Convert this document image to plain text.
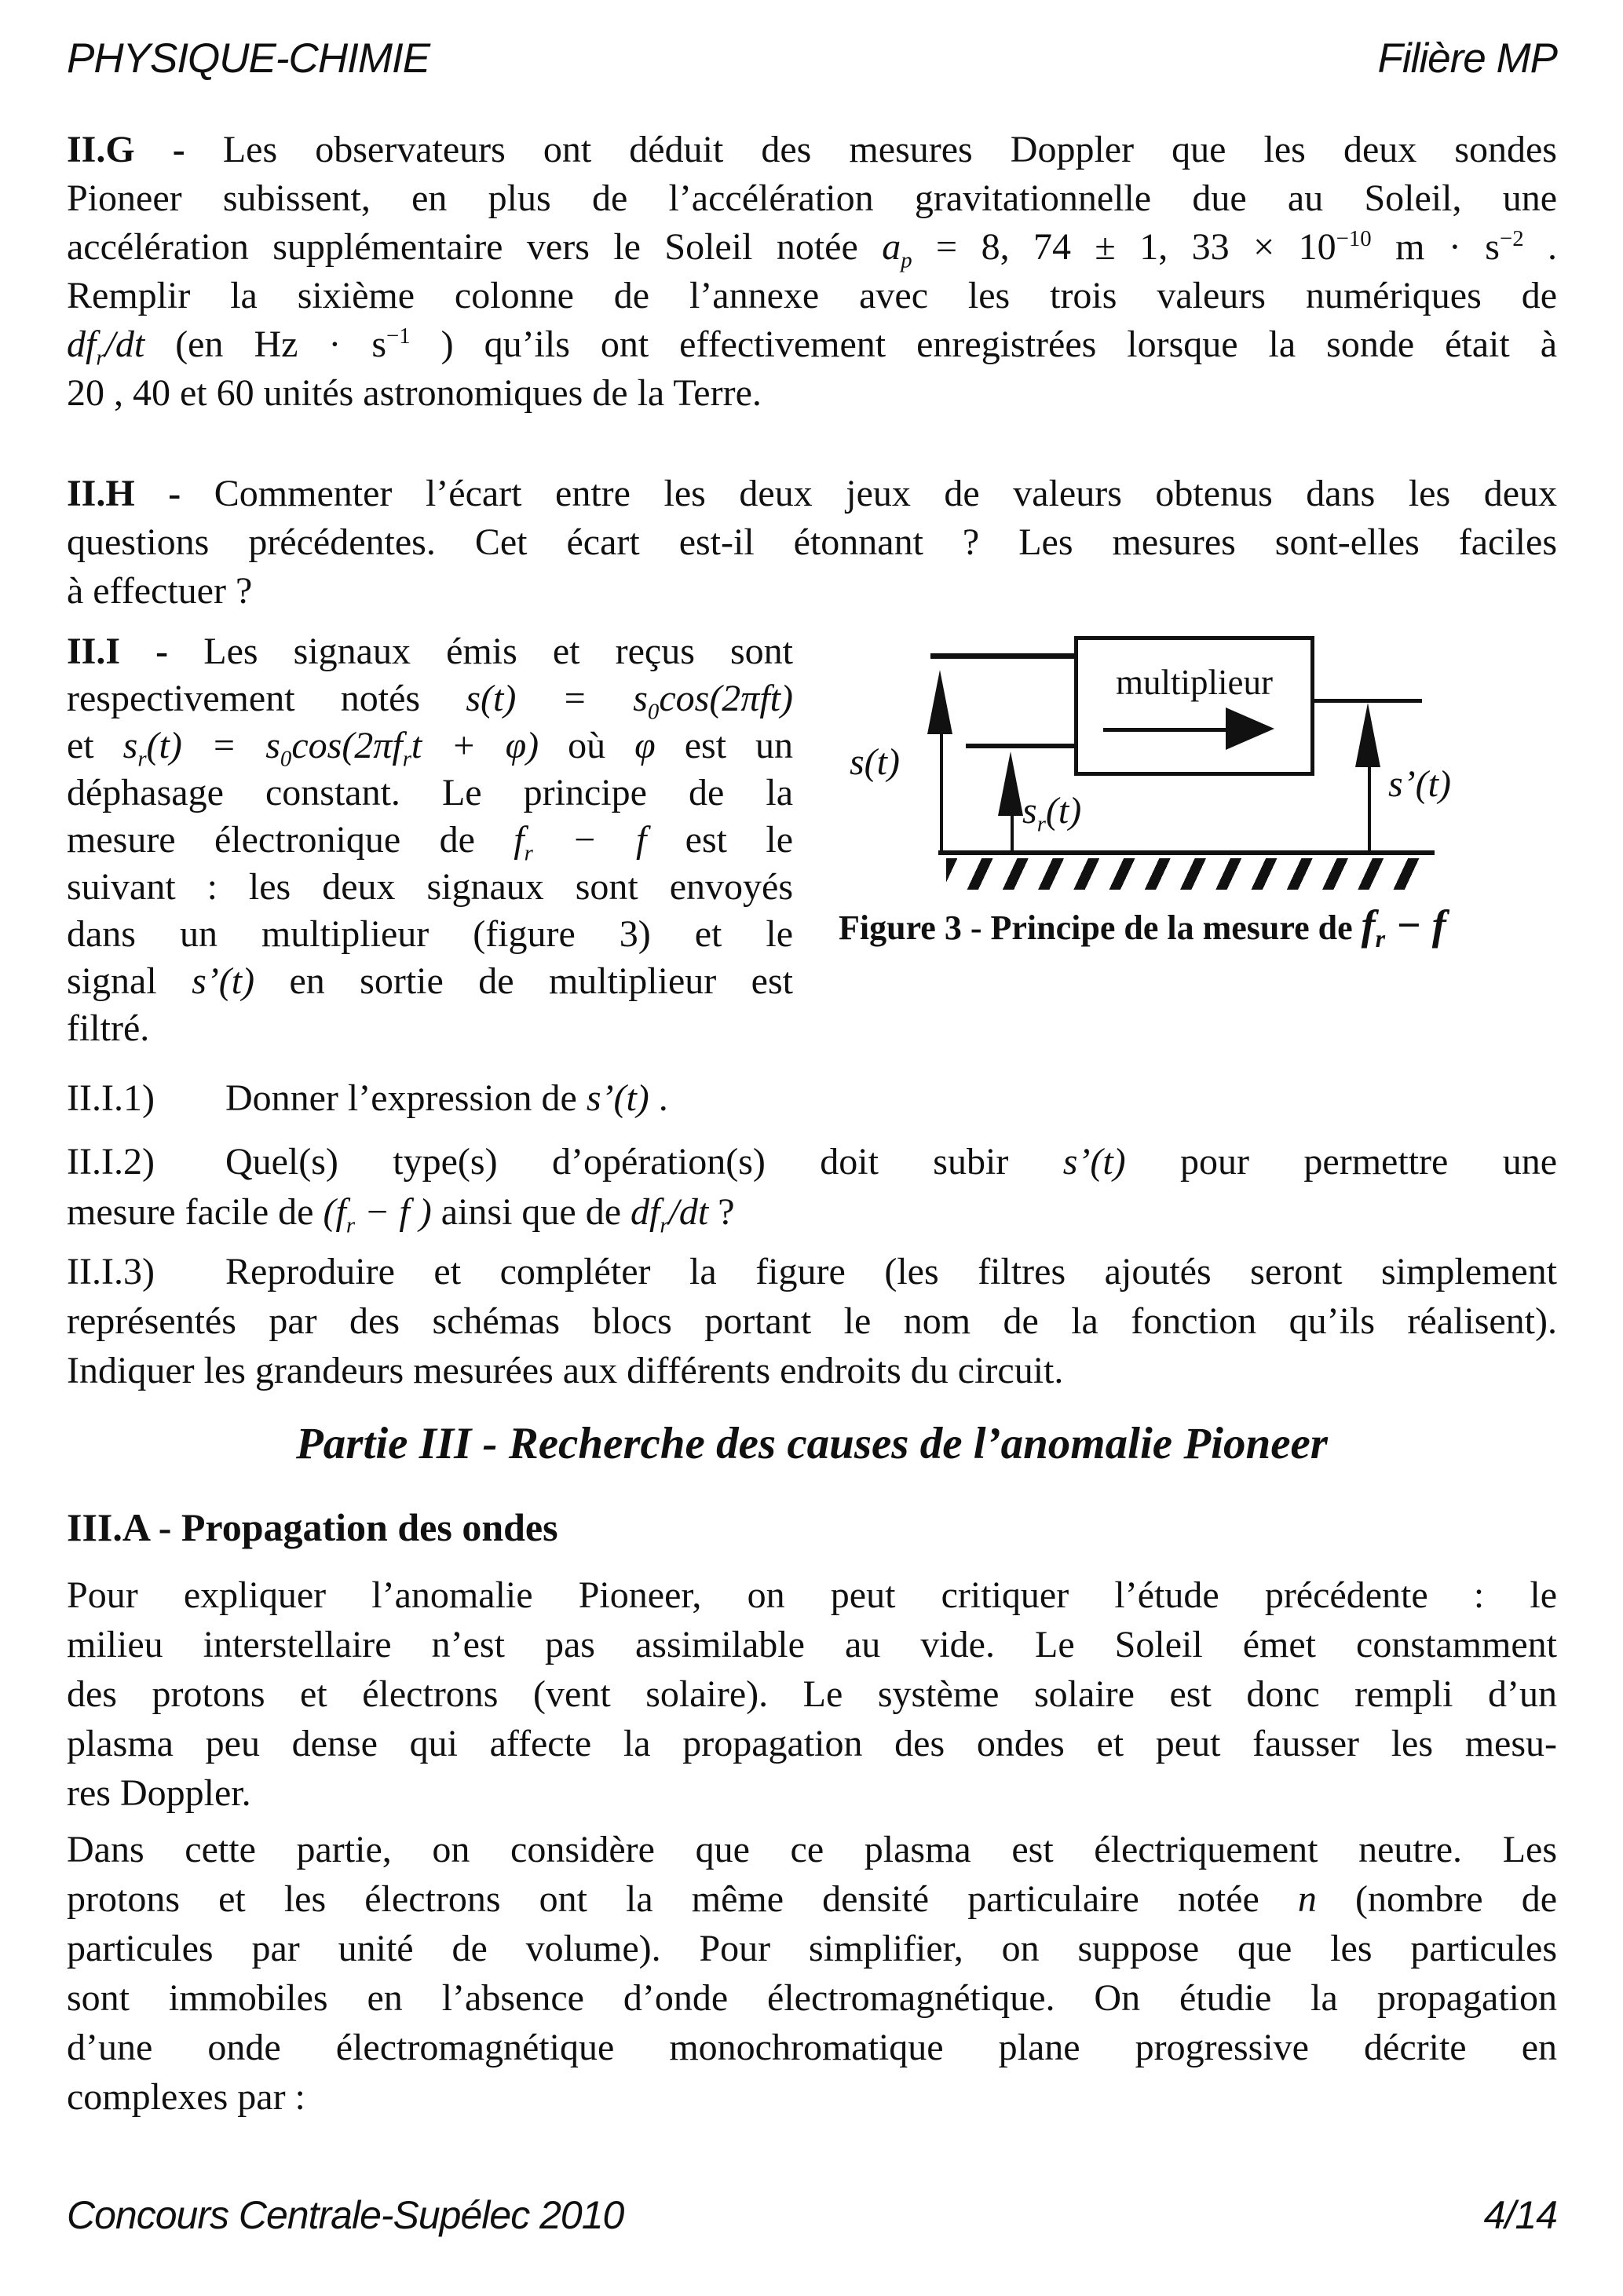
PHYSIQUE-CHIMIE	Filière MP
II.G - Les observateurs ont déduit des mesures Doppler que les deux sondes
Pioneer subissent, en plus de l’accélération gravitationnelle due au Soleil, une
accélération supplémentaire vers le Soleil notée $a_p = 8$, 74 ± 1, $33 \times 10^{-10}$ $m \cdot s^{-2}$ .
Remplir la sixième colonne de l’annexe avec les trois valeurs numériques de
$df_r/dt$ (en $Hz \cdot s^{-1}$ ) qu’ils ont effectivement enregistrées lorsque la sonde était à
20 , 40 et 60 unités astronomiques de la Terre.
II.H - Commenter l’écart entre les deux jeux de valeurs obtenus dans les deux
questions précédentes. Cet écart est-il étonnant ? Les mesures sont-elles faciles
à effectuer ?
II.I - Les signaux émis et reçus sont
respectivement notés $s(t) = s_0\cos(2\pi ft)$
et $s_r(t) = s_0\cos(2\pi f_rt + \varphi)$ où φ est un
déphasage constant. Le principe de la
mesure électronique de $f_r - f$ est le
suivant : les deux signaux sont envoyés
dans un multiplieur (figure 3) et le
signal s’(t) en sortie de multiplieur est
filtré.
multiplieur
s(t)
$s_r(t)$
s’(t)
Figure 3 - Principe de la mesure de $f_r - f$
II.I.1) Donner l’expression de s’(t) .
II.I.2) Quel(s) type(s) d’opération(s) doit subir s’(t) pour permettre une
mesure facile de ($f_r - f$ ) ainsi que de $df_r/dt$ ?
II.I.3) Reproduire et compléter la figure (les filtres ajoutés seront simplement
représentés par des schémas blocs portant le nom de la fonction qu’ils réalisent).
Indiquer les grandeurs mesurées aux différents endroits du circuit.
Partie III - Recherche des causes de l’anomalie Pioneer
III.A - Propagation des ondes
Pour expliquer l’anomalie Pioneer, on peut critiquer l’étude précédente : le
milieu interstellaire n’est pas assimilable au vide. Le Soleil émet constamment
des protons et électrons (vent solaire). Le système solaire est donc rempli d’un
plasma peu dense qui affecte la propagation des ondes et peut fausser les mesu-
res Doppler.
Dans cette partie, on considère que ce plasma est électriquement neutre. Les
protons et les électrons ont la même densité particulaire notée n (nombre de
particules par unité de volume). Pour simplifier, on suppose que les particules
sont immobiles en l’absence d’onde électromagnétique. On étudie la propagation
d’une onde électromagnétique monochromatique plane progressive décrite en
complexes par :
Concours Centrale-Supélec 2010	4/14
